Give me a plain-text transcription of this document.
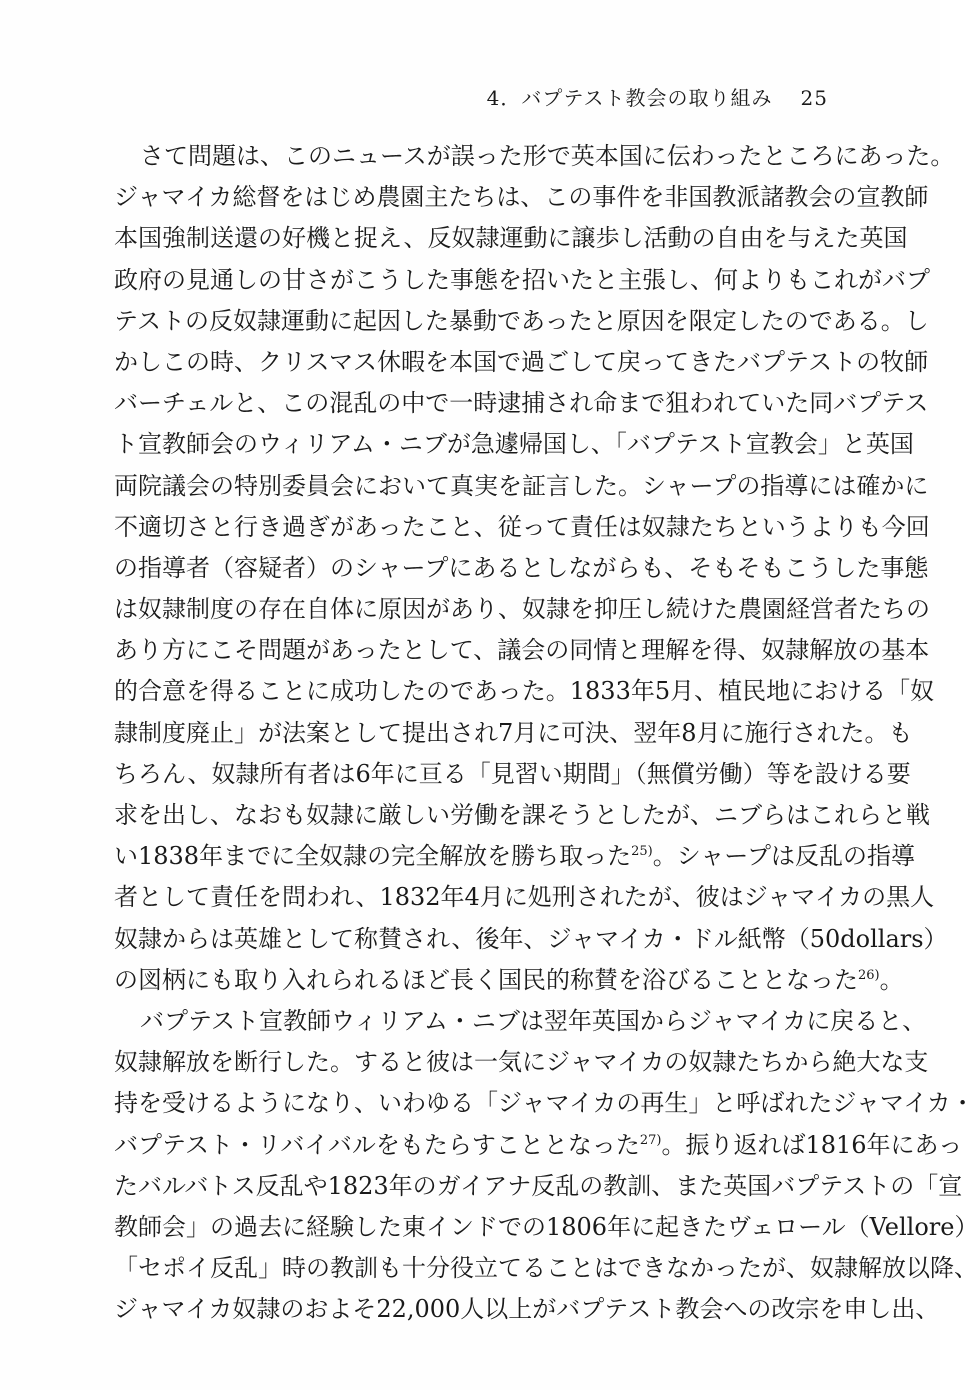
4．バプテスト教会の取り組み 25
さて問題は、このニュースが誤った形で英本国に伝わったところにあった。
ジャマイカ総督をはじめ農園主たちは、この事件を非国教派諸教会の宣教師
本国強制送還の好機と捉え、反奴隷運動に譲歩し活動の自由を与えた英国
政府の見通しの甘さがこうした事態を招いたと主張し、何よりもこれがバプ
テストの反奴隷運動に起因した暴動であったと原因を限定したのである。し
かしこの時、クリスマス休暇を本国で過ごして戻ってきたバプテストの牧師
バーチェルと、この混乱の中で一時逮捕され命まで狙われていた同バプテス
ト宣教師会のウィリアム・ニブが急遽帰国し、「バプテスト宣教会」と英国
両院議会の特別委員会において真実を証言した。シャープの指導には確かに
不適切さと行き過ぎがあったこと、従って責任は奴隷たちというよりも今回
の指導者（容疑者）のシャープにあるとしながらも、そもそもこうした事態
は奴隷制度の存在自体に原因があり、奴隷を抑圧し続けた農園経営者たちの
あり方にこそ問題があったとして、議会の同情と理解を得、奴隷解放の基本
的合意を得ることに成功したのであった。1833年5月、植民地における「奴
隷制度廃止」が法案として提出され7月に可決、翌年8月に施行された。も
ちろん、奴隷所有者は6年に亘る「見習い期間」（無償労働）等を設ける要
求を出し、なおも奴隷に厳しい労働を課そうとしたが、ニブらはこれらと戦
い1838年までに全奴隷の完全解放を勝ち取った$^{25)}$。シャープは反乱の指導
者として責任を問われ、1832年4月に処刑されたが、彼はジャマイカの黒人
奴隷からは英雄として称賛され、後年、ジャマイカ・ドル紙幣（50dollars）
の図柄にも取り入れられるほど長く国民的称賛を浴びることとなった$^{26)}$。
バプテスト宣教師ウィリアム・ニブは翌年英国からジャマイカに戻ると、
奴隷解放を断行した。すると彼は一気にジャマイカの奴隷たちから絶大な支
持を受けるようになり、いわゆる「ジャマイカの再生」と呼ばれたジャマイカ・
バプテスト・リバイバルをもたらすこととなった$^{27)}$。振り返れば1816年にあっ
たバルバトス反乱や1823年のガイアナ反乱の教訓、また英国バプテストの「宣
教師会」の過去に経験した東インドでの1806年に起きたヴェロール（Vellore）
「セポイ反乱」時の教訓も十分役立てることはできなかったが、奴隷解放以降、
ジャマイカ奴隷のおよそ22,000人以上がバプテスト教会への改宗を申し出、
